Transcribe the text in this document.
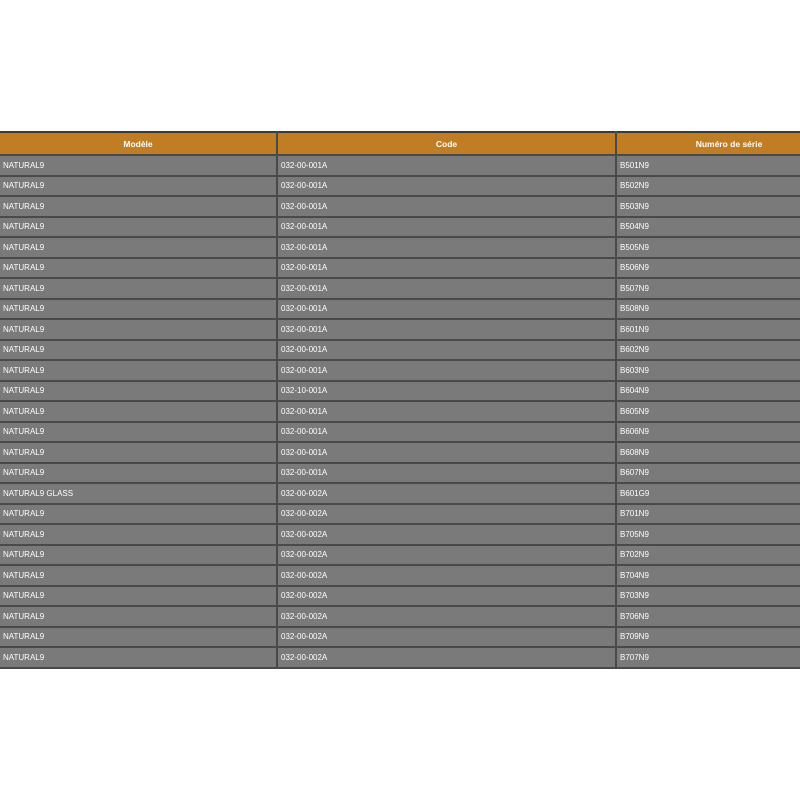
Modèle	Code	Numéro de série
NATURAL9	032-00-001A	B501N9
NATURAL9	032-00-001A	B502N9
NATURAL9	032-00-001A	B503N9
NATURAL9	032-00-001A	B504N9
NATURAL9	032-00-001A	B505N9
NATURAL9	032-00-001A	B506N9
NATURAL9	032-00-001A	B507N9
NATURAL9	032-00-001A	B508N9
NATURAL9	032-00-001A	B601N9
NATURAL9	032-00-001A	B602N9
NATURAL9	032-00-001A	B603N9
NATURAL9	032-10-001A	B604N9
NATURAL9	032-00-001A	B605N9
NATURAL9	032-00-001A	B606N9
NATURAL9	032-00-001A	B608N9
NATURAL9	032-00-001A	B607N9
NATURAL9 GLASS	032-00-002A	B601G9
NATURAL9	032-00-002A	B701N9
NATURAL9	032-00-002A	B705N9
NATURAL9	032-00-002A	B702N9
NATURAL9	032-00-002A	B704N9
NATURAL9	032-00-002A	B703N9
NATURAL9	032-00-002A	B706N9
NATURAL9	032-00-002A	B709N9
NATURAL9	032-00-002A	B707N9
